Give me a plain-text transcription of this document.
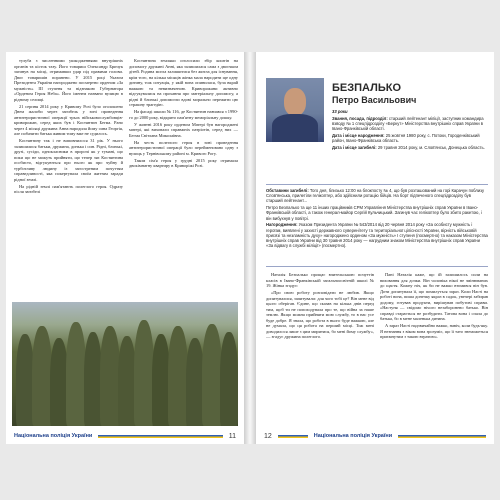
тулуба з численними ушкодженнями внутрішніх органів та кісток тазу. Його товариш Олександр Бричук загинув на місці, отримавши удар під правими голови. Двоє товаришів поранено. У 2015 році Указом Президента України нагороджено посмертно орденом «За мужність» ІІІ ступеня та відзнакою Губернатора «Орденом Героя Неба». Його іменем названо вулицю в рідному селищі.

21 серпня 2014 року у Кривому Розі було оголошено Днем жалоби через загибель у зоні проведення антитерористичної операції трьох військовослужбовців-криворожан, серед яких був і Костянтин Бегма. Рано через 4 місяці дружина Анна народила йому сина Георгія, але побачити батька живим тому вже не судилось.

Костянтину так і не виповнилося 31 рік. У нього залишилися батьки, дружина, донька і син. Рідні, близькі, друзі, сусіди, однокласники в пророчі як у тумані, що поки що не можуть прийняти, що тепер зяє Костянтина особисто, відгукуються про нього як про чуйну й турботливу людину із загостреним почуттям справедливості, яка покертувала своїм життям заради рідної землі.

На рідній землі пам'ятають полеглого героя. Одразу після загибелі

Костянтина земляки оголосили збір коштів на допомогу дружині Анні, яка залишилася сама з двоєчком дітей. Родина могла залишитися без житла для існування, крім того, на кілька місяців жінка мала народити ще одну дитину, тож ситуація, у якій вона опинилася, була вкрай важкою та невизначеною. Криворожани активно відгукувалися на прохання про матеріальну допомогу, а рідні й близькі допомогли вдові морально пережити цю страшну трагедію.

На фасаді школи № 116, де Костянтин навчався з 1990-го до 2000 року, відкрито пам'ятну меморіальну дошку.

У жовтні 2016 року орденом Матері був нагороджені матері, які виховали справжніх патріотів, серед них — Бегма Світлана Миколаївна.

На честь полеглого героя в зоні проведення антитерористичної операції було перейменовано одну з вулиць у Тернівському районі м. Кривого Рогу.

Таком сім'я героя у грудні 2015 року отримала двокімнатну квартиру в Криворіжі Розі.

Національна поліція України	11
БЕЗПАЛЬКО
Петро Васильович

33 роки

Звання, посада, підрозділ: старший лейтенант міліції, заступник командира взводу № 1 спецпідрозділу «Беркут» Міністерства внутрішніх справ України в Івано-Франківській області.

Дата і місце народження: 25 жовтня 1980 року, с. Потоки, Городенківський район, Івано-Франківська область.

Дата і місце загибелі: 29 травня 2014 року, м. Слов'янськ, Донецька область.

Обставини загибелі: Того дня, близько 12:00 на блокпосту № 4, що був розташований на горі Карачун поблизу Слов'янська, прилетіли гелікоптер, або здійснили ротацію бійців. На борт підпеченого спецпідрозділу був старший лейтенант...

Петро Безпалько та ще 11 інших працівників СРМ Управління Міністерства внутрішніх справ України в Івано-Франківській області, а також генерал-майор Сергій Кульчицький. Загинув час гелікоптер було збито ракетою, і він вибухнув у повітрі.

Нагородження: Указом Президента України № 543/2014 від 20 червня 2014 року «За особисту мужність і героїзм, виявлені у захисті державного суверенітету та територіальної цілісності України, вірність військовій присязі та незламність духу» нагороджено орденом «За мужність» І ступеня (посмертно) та наказом Міністерства внутрішніх справ України від 30 травня 2014 року — нагрудним знаком Міністерства внутрішніх справ України «За відвагу в службі міліції» (посмертно).

Наталія Безпалько прощає вчительською почуттів класів в Івано-Франківській загальноосвітній школі № 19. Жінка згадує:

«Про свою роботу розповідати не любив. Якщо допитувалися, запитували: для чого тобі це? Він мене від цього оберігав. Єдине, що сказав на кілька днів перед тим, щоб ти не попоходувала про те, що війна за наше землю. Якщо можна прийняти мою службу, то в нас усе буде добре. Я знала, що робота в нього буде важкою, але не думала, що ця робота на перший місці. Тож мені доводилося лише з цим миритися, бо мені йому службу», — згадує дружина полеглого.

Пані Наталія каже, що їй залишилось сили на виховання для дочки. Він чоловіка нікої не змінюваних до щастя. Кожну ніч, як би не важко втомився він був. Доти допитувала її, що помилуться зараз. Коли Насті на роботі вона, пиша донечку якраз в садок, увечері забирав додому, готував продукти, вирішував побутові справи. «Настуня — свідомо нічого незаборонено батько. Він справді старається не розбудити. Татова вона і спала до батька, бо в мене маленька дитина.

А зараз Насті надзвичайно важко, навіч, коли будь-яку. Я незнання з віком вона зрозуміє, що її тато знеможеться приємнутим з такою втратою».

12	Національна поліція України
